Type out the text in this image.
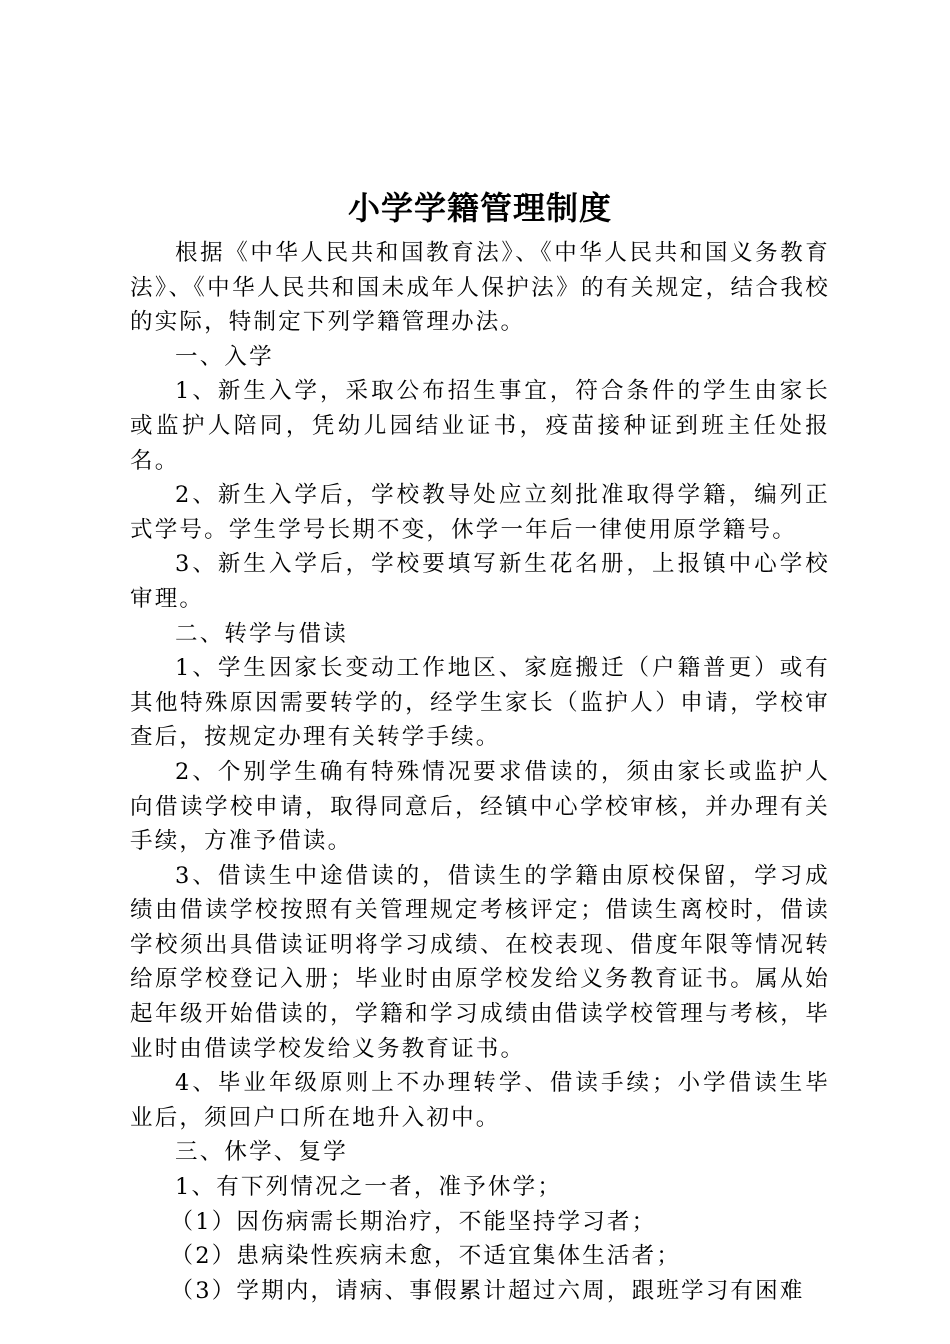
小学学籍管理制度

根据《中华人民共和国教育法》、《中华人民共和国义务教育法》、《中华人民共和国未成年人保护法》的有关规定，结合我校的实际，特制定下列学籍管理办法。

一、入学

1、新生入学，采取公布招生事宜，符合条件的学生由家长或监护人陪同，凭幼儿园结业证书，疫苗接种证到班主任处报名。

2、新生入学后，学校教导处应立刻批准取得学籍，编列正式学号。学生学号长期不变，休学一年后一律使用原学籍号。

3、新生入学后，学校要填写新生花名册，上报镇中心学校审理。

二、转学与借读

1、学生因家长变动工作地区、家庭搬迁（户籍普更）或有其他特殊原因需要转学的，经学生家长（监护人）申请，学校审查后，按规定办理有关转学手续。

2、个别学生确有特殊情况要求借读的，须由家长或监护人向借读学校申请，取得同意后，经镇中心学校审核，并办理有关手续，方准予借读。

3、借读生中途借读的，借读生的学籍由原校保留，学习成绩由借读学校按照有关管理规定考核评定；借读生离校时，借读学校须出具借读证明将学习成绩、在校表现、借度年限等情况转给原学校登记入册；毕业时由原学校发给义务教育证书。属从始起年级开始借读的，学籍和学习成绩由借读学校管理与考核，毕业时由借读学校发给义务教育证书。

4、毕业年级原则上不办理转学、借读手续；小学借读生毕业后，须回户口所在地升入初中。

三、休学、复学

1、有下列情况之一者，准予休学；

（1）因伤病需长期治疗，不能坚持学习者；

（2）患病染性疾病未愈，不适宜集体生活者；

（3）学期内，请病、事假累计超过六周，跟班学习有困难
